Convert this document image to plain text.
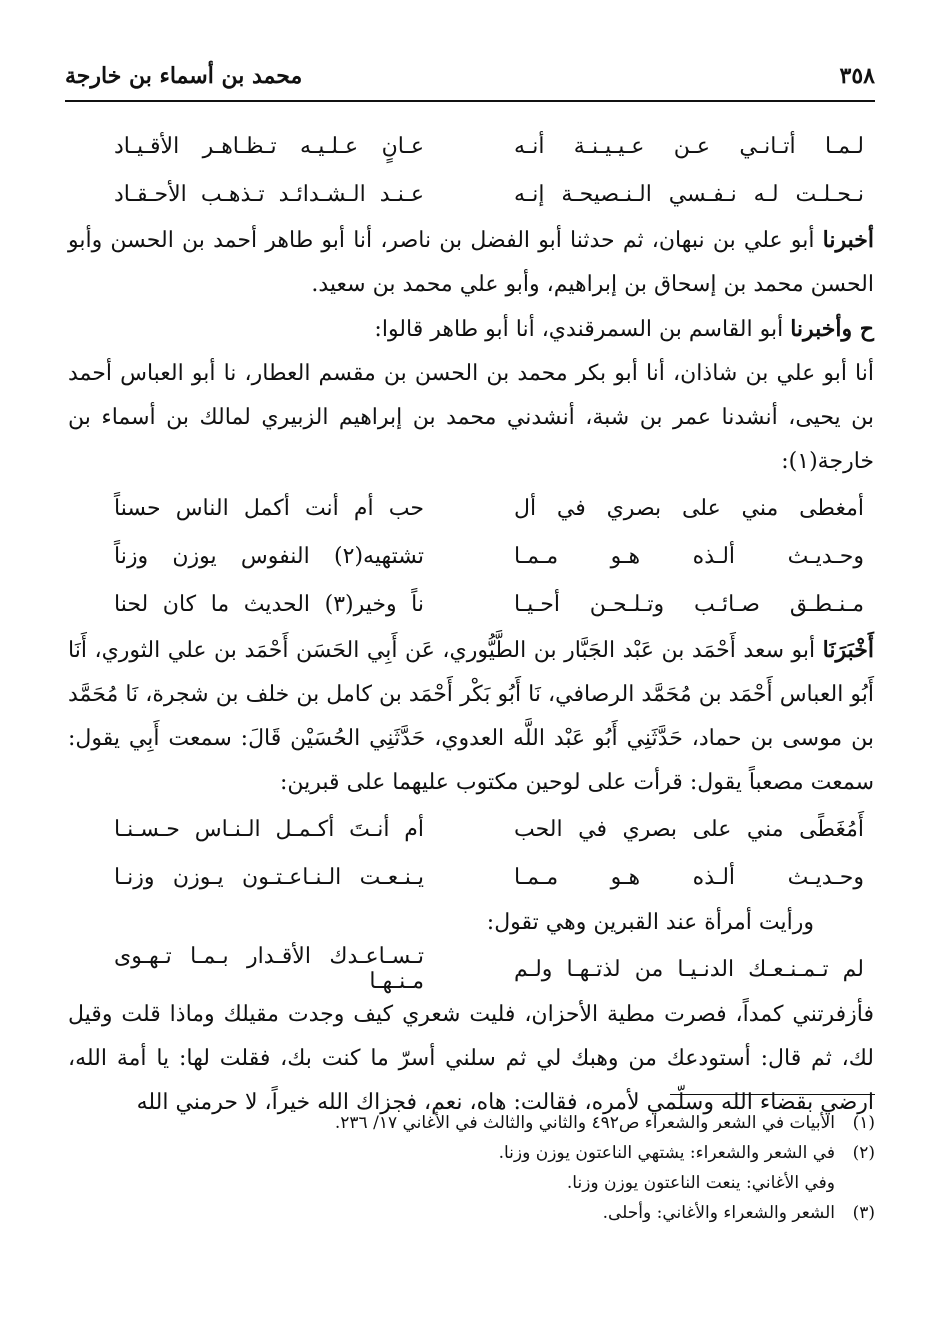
٣٥٨
محمد بن أسماء بن خارجة
لـمـا أتـانـي عـن عـيـيـنـة أنـه
عـانٍ عـلـيـه تـظـاهـر الأقـيـاد
نـحـلـت لـه نـفـسي الـنـصيحـة إنـه
عـنـد الـشـدائـد تـذهـب الأحـقـاد

أخبرنا أبو علي بن نبهان، ثم حدثنا أبو الفضل بن ناصر، أنا أبو طاهر أحمد بن الحسن وأبو الحسن محمد بن إسحاق بن إبراهيم، وأبو علي محمد بن سعيد.

ح وأخبرنا أبو القاسم بن السمرقندي، أنا أبو طاهر قالوا:

أنا أبو علي بن شاذان، أنا أبو بكر محمد بن الحسن بن مقسم العطار، نا أبو العباس أحمد بن يحيى، أنشدنا عمر بن شبة، أنشدني محمد بن إبراهيم الزبيري لمالك بن أسماء بن خارجة(١):

أمغطى مني على بصري في أل
حب أم أنت أكمل الناس حسناً
وحـديـث ألـذه هـو مـمـا
تشتهيه(٢) النفوس يوزن وزناً
مـنـطـق صـائـب وتـلـحـن أحـيـا
ناً وخير(٣) الحديث ما كان لحنا

أَخْبَرَنَا أبو سعد أَحْمَد بن عَبْد الجَبَّار بن الطَّيُّوري، عَن أَبِي الحَسَن أَحْمَد بن علي الثوري، أَنَا أَبُو العباس أَحْمَد بن مُحَمَّد الرصافي، نَا أَبُو بَكْر أَحْمَد بن كامل بن خلف بن شجرة، نَا مُحَمَّد بن موسى بن حماد، حَدَّثَنِي أَبُو عَبْد اللَّه العدوي، حَدَّثَنِي الحُسَيْن قَالَ: سمعت أَبِي يقول: سمعت مصعباً يقول: قرأت على لوحين مكتوب عليهما على قبرين:

أَمُغَطًى مني على بصري في الحب
أم أنـتَ أكـمـل الـنـاس حـسـنـا
وحـديـث ألـذه هـو مـمـا
يـنـعـت الـنـاعـتـون يـوزن وزنـا
ورأيت أمرأة عند القبرين وهي تقول:
لم تـمـنـعـك الدنـيـا من لذتـهـا ولـم
تـسـاعـدك الأقـدار بـمـا تـهـوى مـنـهـا

فأزفرتني كمداً، فصرت مطية الأحزان، فليت شعري كيف وجدت مقيلك وماذا قلت وقيل لك، ثم قال: أستودعك من وهبك لي ثم سلني أسرّ ما كنت بك، فقلت لها: يا أمة الله، ارضي بقضاء الله وسلّمي لأمره، فقالت: هاه، نعم، فجزاك الله خيراً، لا حرمني الله

(١)
الأبيات في الشعر والشعراء ص٤٩٢ والثاني والثالث في الأغاني ١٧/ ٢٣٦.
(٢)
في الشعر والشعراء: يشتهي الناعتون يوزن وزنا.
وفي الأغاني: ينعت الناعتون يوزن وزنا.
(٣)
الشعر والشعراء والأغاني: وأحلى.
